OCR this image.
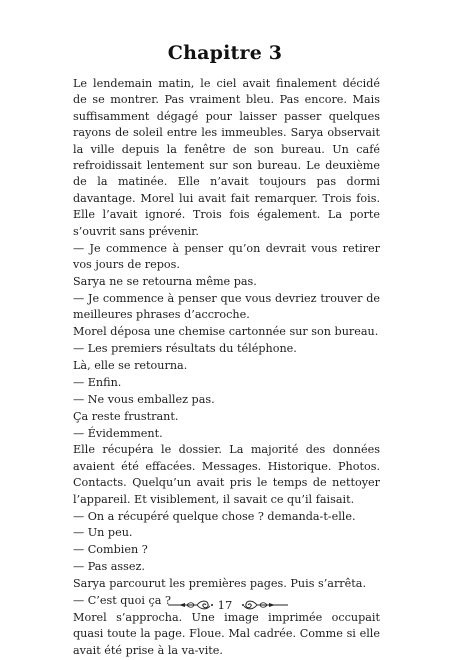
Chapitre 3

Le lendemain matin, le ciel avait finalement décidé de se montrer. Pas vraiment bleu. Pas encore. Mais suffisamment dégagé pour laisser passer quelques rayons de soleil entre les immeubles. Sarya observait la ville depuis la fenêtre de son bureau. Un café refroidissait lentement sur son bureau. Le deuxième de la matinée. Elle n’avait toujours pas dormi davantage. Morel lui avait fait remarquer. Trois fois. Elle l’avait ignoré. Trois fois également. La porte s’ouvrit sans prévenir.

— Je commence à penser qu’on devrait vous retirer vos jours de repos.

Sarya ne se retourna même pas.

— Je commence à penser que vous devriez trouver de meilleures phrases d’accroche.

Morel déposa une chemise cartonnée sur son bureau.

— Les premiers résultats du téléphone.

Là, elle se retourna.

— Enfin.

— Ne vous emballez pas.

Ça reste frustrant.

— Évidemment.

Elle récupéra le dossier. La majorité des données avaient été effacées. Messages. Historique. Photos. Contacts. Quelqu’un avait pris le temps de nettoyer l’appareil. Et visiblement, il savait ce qu’il faisait.

— On a récupéré quelque chose ? demanda-t-elle.

— Un peu.

— Combien ?

— Pas assez.

Sarya parcourut les premières pages. Puis s’arrêta.

— C’est quoi ça ?

Morel s’approcha. Une image imprimée occupait quasi toute la page. Floue. Mal cadrée. Comme si elle avait été prise à la va-vite.

17
